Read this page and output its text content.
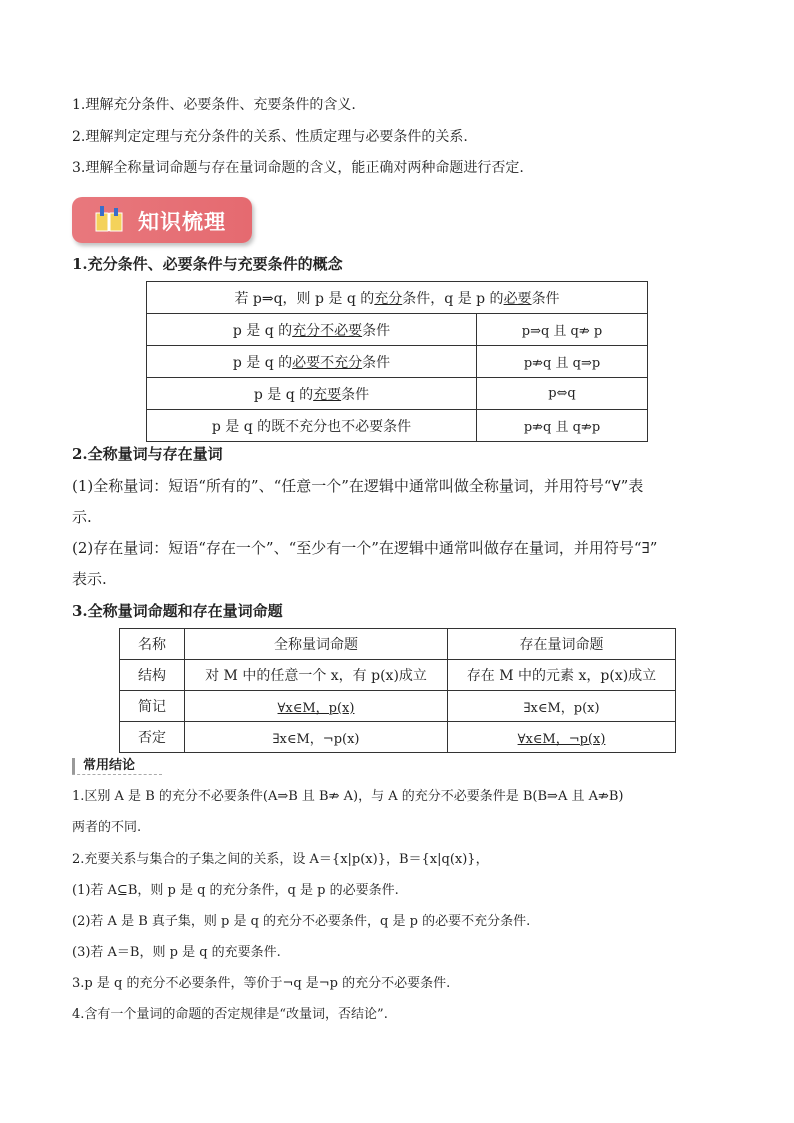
1.理解充分条件、必要条件、充要条件的含义.
2.理解判定定理与充分条件的关系、性质定理与必要条件的关系.
3.理解全称量词命题与存在量词命题的含义，能正确对两种命题进行否定.
知识梳理
1.充分条件、必要条件与充要条件的概念
若 p⇒q，则 p 是 q 的充分条件，q 是 p 的必要条件	
p 是 q 的充分不必要条件	p⇒q 且 q⇏ p
p 是 q 的必要不充分条件	p⇏q 且 q⇒p
p 是 q 的充要条件	p⇔q
p 是 q 的既不充分也不必要条件	p⇏q 且 q⇏p
2.全称量词与存在量词
(1)全称量词：短语“所有的”、“任意一个”在逻辑中通常叫做全称量词，并用符号“∀”表
示.
(2)存在量词：短语“存在一个”、“至少有一个”在逻辑中通常叫做存在量词，并用符号“∃”
表示.
3.全称量词命题和存在量词命题
名称	全称量词命题	存在量词命题
结构	对 M 中的任意一个 x，有 p(x)成立	存在 M 中的元素 x，p(x)成立
简记	∀x∈M，p(x)	∃x∈M，p(x)
否定	∃x∈M，¬p(x)	∀x∈M，¬p(x)
常用结论
1.区别 A 是 B 的充分不必要条件(A⇒B 且 B⇏ A)，与 A 的充分不必要条件是 B(B⇒A 且 A⇏B)
两者的不同.
2.充要关系与集合的子集之间的关系，设 A＝{x|p(x)}，B＝{x|q(x)}，
(1)若 A⊆B，则 p 是 q 的充分条件，q 是 p 的必要条件.
(2)若 A 是 B 真子集，则 p 是 q 的充分不必要条件，q 是 p 的必要不充分条件.
(3)若 A＝B，则 p 是 q 的充要条件.
3.p 是 q 的充分不必要条件，等价于¬q 是¬p 的充分不必要条件.
4.含有一个量词的命题的否定规律是“改量词，否结论”.
